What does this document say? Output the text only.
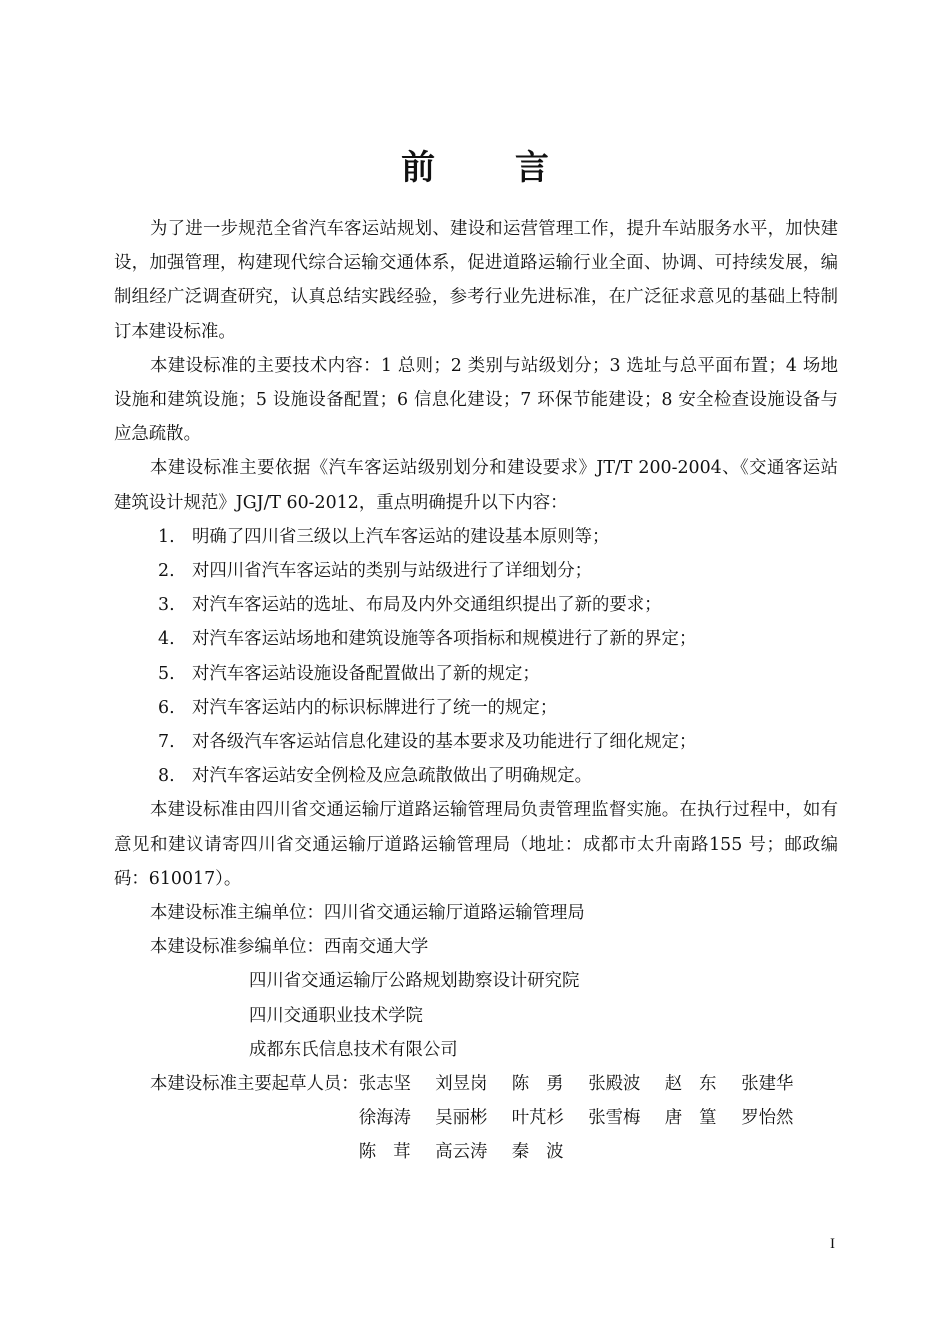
前 言

为了进一步规范全省汽车客运站规划、建设和运营管理工作，提升车站服务水平，加快建设，加强管理，构建现代综合运输交通体系，促进道路运输行业全面、协调、可持续发展，编制组经广泛调查研究，认真总结实践经验，参考行业先进标准，在广泛征求意见的基础上特制订本建设标准。

本建设标准的主要技术内容：1 总则；2 类别与站级划分；3 选址与总平面布置；4 场地设施和建筑设施；5 设施设备配置；6 信息化建设；7 环保节能建设；8 安全检查设施设备与应急疏散。

本建设标准主要依据《汽车客运站级别划分和建设要求》JT/T 200-2004、《交通客运站建筑设计规范》JGJ/T 60-2012，重点明确提升以下内容：

1.	明确了四川省三级以上汽车客运站的建设基本原则等；
2.	对四川省汽车客运站的类别与站级进行了详细划分；
3.	对汽车客运站的选址、布局及内外交通组织提出了新的要求；
4.	对汽车客运站场地和建筑设施等各项指标和规模进行了新的界定；
5.	对汽车客运站设施设备配置做出了新的规定；
6.	对汽车客运站内的标识标牌进行了统一的规定；
7.	对各级汽车客运站信息化建设的基本要求及功能进行了细化规定；
8.	对汽车客运站安全例检及应急疏散做出了明确规定。

本建设标准由四川省交通运输厅道路运输管理局负责管理监督实施。在执行过程中，如有意见和建议请寄四川省交通运输厅道路运输管理局（地址：成都市太升南路155 号；邮政编码：610017）。

本建设标准主编单位：四川省交通运输厅道路运输管理局

本建设标准参编单位：西南交通大学

四川省交通运输厅公路规划勘察设计研究院

四川交通职业技术学院

成都东氏信息技术有限公司

本建设标准主要起草人员： 张志坚	刘昱岗	陈勇 张殿波	赵东 张建华
徐海涛	吴丽彬	叶芃杉	张雪梅	唐篁 罗怡然
陈茸 高云涛	秦波
I
